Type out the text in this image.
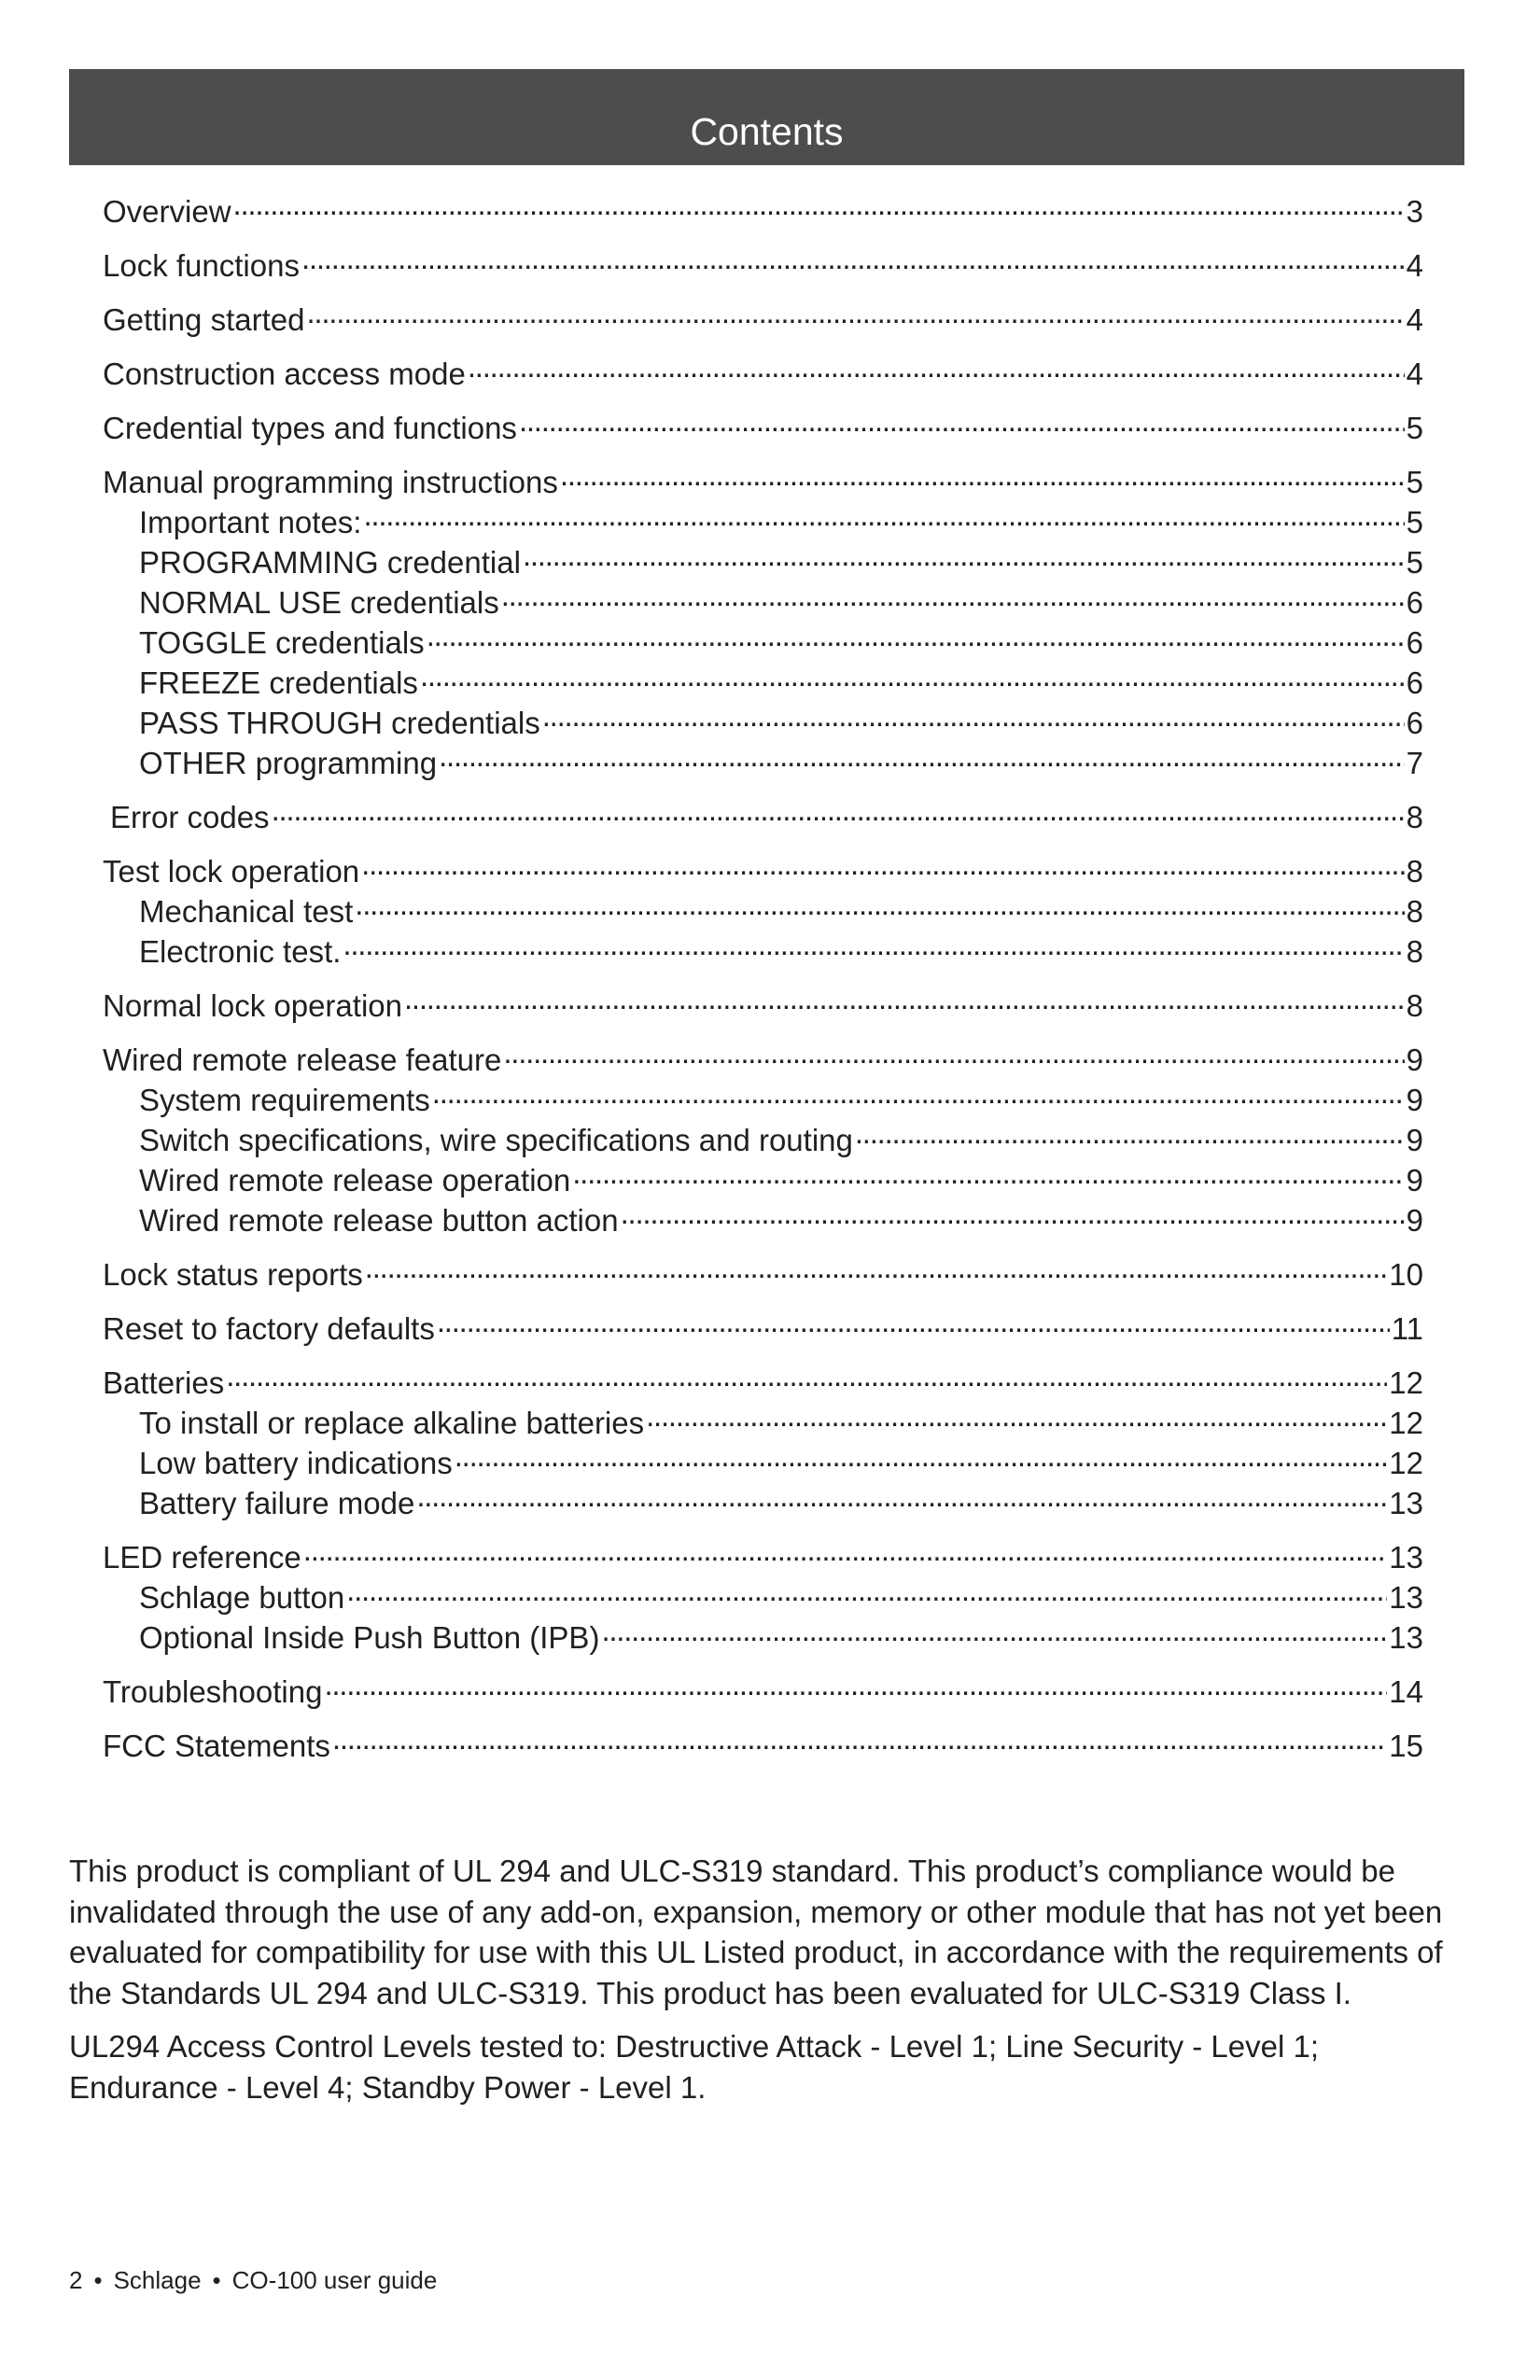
Contents
Overview . . .	3
Lock functions . . .	4
Getting started . . .	4
Construction access mode . . .	4
Credential types and functions . . .	5
Manual programming instructions . . .	5
Important notes: . . .	5
PROGRAMMING credential . . .	5
NORMAL USE credentials . . .	6
TOGGLE credentials . . .	6
FREEZE credentials . . .	6
PASS THROUGH credentials . . .	6
OTHER programming . . .	7
Error codes . . .	8
Test lock operation . . .	8
Mechanical test . . .	8
Electronic test. . . .	8
Normal lock operation . . .	8
Wired remote release feature . . .	9
System requirements . . .	9
Switch specifications, wire specifications and routing . . .	9
Wired remote release operation . . .	9
Wired remote release button action . . .	9
Lock status reports . . .	10
Reset to factory defaults . . .	11
Batteries . . .	12
To install or replace alkaline batteries . . .	12
Low battery indications . . .	12
Battery failure mode . . .	13
LED reference . . .	13
Schlage button . . .	13
Optional Inside Push Button (IPB) . . .	13
Troubleshooting . . .	14
FCC Statements . . .	15

This product is compliant of UL 294 and ULC-S319 standard. This product’s compliance would be invalidated through the use of any add-on, expansion, memory or other module that has not yet been evaluated for compatibility for use with this UL Listed product, in accordance with the requirements of the Standards UL 294 and ULC-S319. This product has been evaluated for ULC-S319 Class I.

UL294 Access Control Levels tested to: Destructive Attack - Level 1; Line Security - Level 1; Endurance - Level 4; Standby Power - Level 1.

2 • Schlage • CO-100 user guide
